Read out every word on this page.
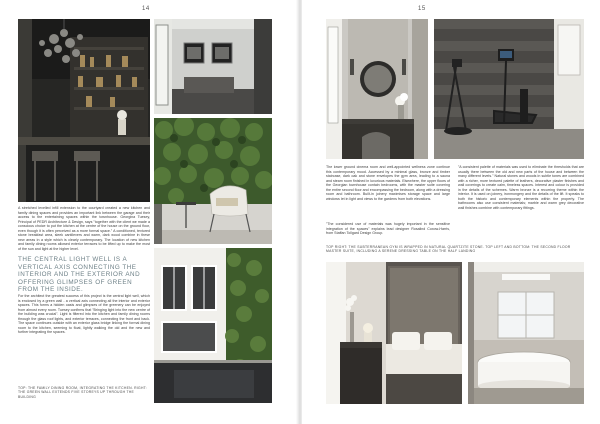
14
A stretched levelled infill extension to the courtyard created a new kitchen and family dining spaces and provides an important link between the garage and their access to the entertaining spaces within the townhouse. Georgina Tuesey, Principal of PEDR Architecture & Design, says "together with the client we made a conscious choice to put the kitchen at the centre of the house on the ground floor, even though it is often perceived as a more formal space." A conditioned, textured stone breakfast area, sleek cantilevers and warm, dark wood combine in these new areas in a style which is clearly contemporary. The location of new kitchen and family dining rooms allowed exterior terraces to be lifted up to make the most of the sun and light at the higher level.
THE CENTRAL LIGHT WELL IS A VERTICAL AXIS CONNECTING THE INTERIOR AND THE EXTERIOR AND OFFERING GLIMPSES OF GREEN FROM THE INSIDE.
For the architect the greatest success of this project is the central light well, which is enclosed by a green wall - a vertical axis connecting all the interior and exterior spaces. This forms a hidden oasis and glimpses of the greenery can be enjoyed from almost every room. Tuesey confirms that "Bringing light into the new centre of the building was crucial". Light is filtered into the kitchen and family dining rooms through the glass roof lights, and exterior terraces, connecting the front and back. The space continues outside with an exterior glass bridge linking the formal dining room to the kitchen, seeming to float, lightly walking the old and the new and further integrating the spaces.
TOP: THE FAMILY DINING ROOM, INTEGRATING THE KITCHEN. RIGHT: THE GREEN WALL EXTENDS FIVE STOREYS UP THROUGH THE BUILDING
15
The lower ground cinema room and well-appointed wellness zone continue this contemporary mood. Accessed by a minimal glass, bronze and timber staircase, dark oak and stone envelopes the gym area, leading to a sauna and steam room finished in luxurious materials. Elsewhere, the upper floors of the Georgian townhouse contain bedrooms, with the master suite covering the entire second floor and encompassing the bedroom, along with a dressing room and bathroom. Built-in joinery maximises storage space and large windows let in light and views to the gardens from both elevations.
"The considered use of materials was hugely important in the sensitive integration of the spaces" explains lead designer Rosalind Coxow-Harris, from Staffan Tollgard Design Group.
"A consistent palette of materials was used to eliminate the thresholds that are usually there between the old and new parts of the house and between the many different levels." Natural stones and woods in subtle tones are combined with a richer, more textured palette of leathers, decorative plaster finishes and wall coverings to create calm, timeless spaces. Interest and colour is provided in the details of the schemes. Warm bronze is a recurring theme within the interior. It is used on joinery, ironmongery and the details of the lift. It speaks to both the historic and contemporary elements within the property. The bathrooms also use consistent materials; marble and warm grey decorative wall finishes combine with contemporary fittings.
TOP RIGHT: THE SUBTERRANEAN GYM IS WRAPPED IN NATURAL QUARTZITE STONE. TOP LEFT AND BOTTOM: THE SECOND FLOOR MASTER SUITE, INCLUDING A SERENE DRESSING TABLE ON THE HALF LANDING
